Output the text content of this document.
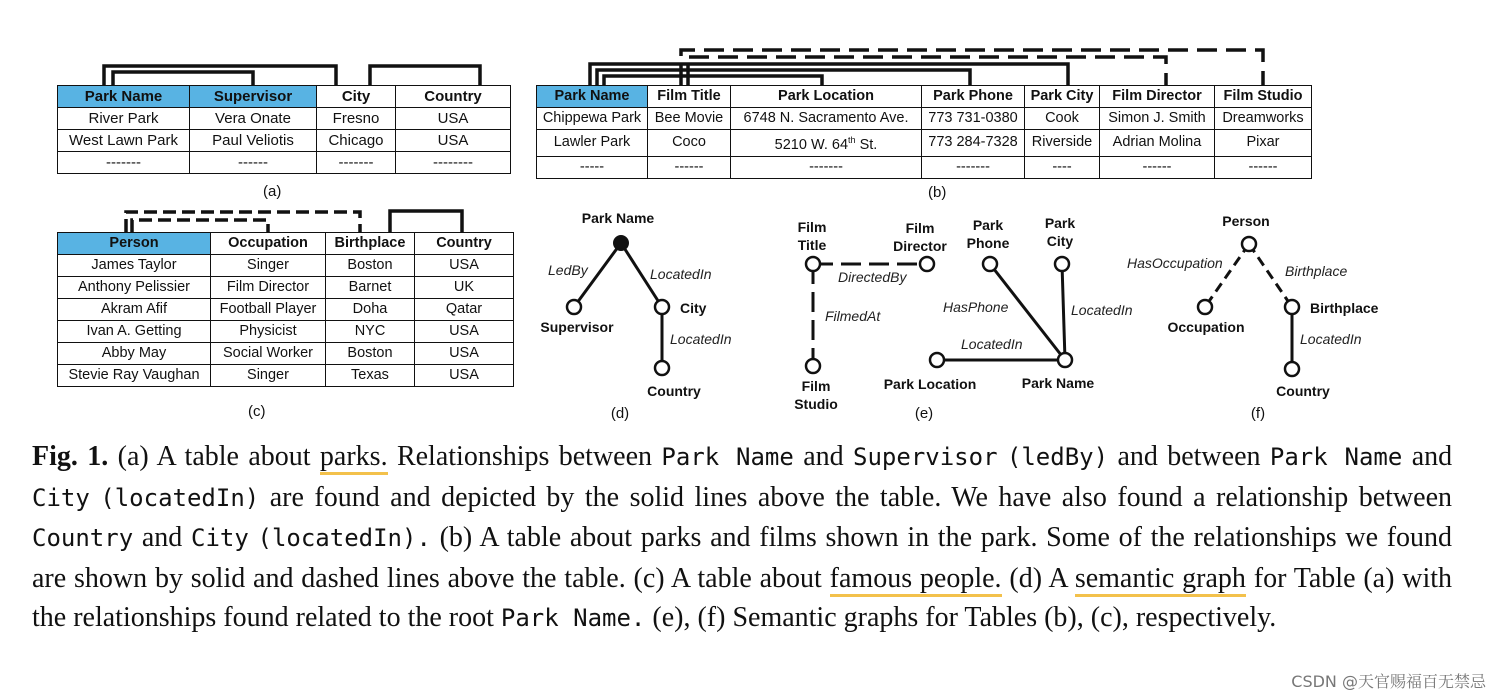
Park Name	Supervisor	City	Country
River Park	Vera Onate	Fresno	USA
West Lawn Park	Paul Veliotis	Chicago	USA
-------	------	-------	--------
(a)
Park Name	Film Title	Park Location	Park Phone	Park City	Film Director	Film Studio
Chippewa Park	Bee Movie	6748 N. Sacramento Ave.	773 731-0380	Cook	Simon J. Smith	Dreamworks
Lawler Park	Coco	5210 W. 64th St.	773 284-7328	Riverside	Adrian Molina	Pixar
-----	------	-------	-------	----	------	------
(b)
Person	Occupation	Birthplace	Country
James Taylor	Singer	Boston	USA
Anthony Pelissier	Film Director	Barnet	UK
Akram Afif	Football Player	Doha	Qatar
Ivan A. Getting	Physicist	NYC	USA
Abby May	Social Worker	Boston	USA
Stevie Ray Vaughan	Singer	Texas	USA
(c)
Park Name
Supervisor
City
Country
LedBy	LocatedIn
LocatedIn
(d)
Film Title
Film Director
Film Studio
Park Phone
Park City
Park Location	Park Name
DirectedBy
FilmedAt
HasPhone	LocatedIn
LocatedIn
(e)
Person
Occupation
Birthplace
Country
HasOccupation	Birthplace
LocatedIn
(f)
Fig. 1. (a) A table about parks. Relationships between Park Name and Supervisor (ledBy) and between Park Name and City (locatedIn) are found and depicted by the solid lines above the table. We have also found a relationship between Country and City (locatedIn). (b) A table about parks and films shown in the park. Some of the relationships we found are shown by solid and dashed lines above the table. (c) A table about famous people. (d) A semantic graph for Table (a) with the relationships found related to the root Park Name. (e), (f) Semantic graphs for Tables (b), (c), respectively.
CSDN @天官赐福百无禁忌
